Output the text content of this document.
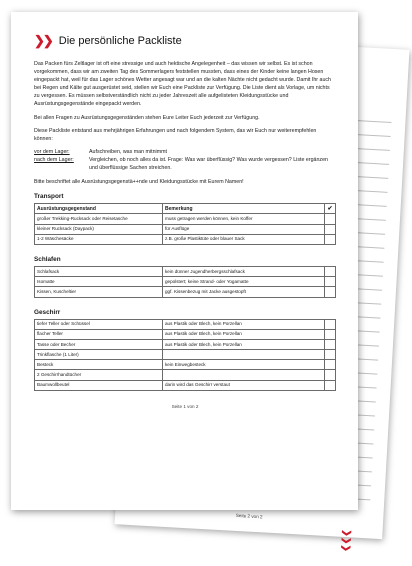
Seite 2 von 2
❯❯❯
❯❯ Die persönliche Packliste

Das Packen fürs Zeltlager ist oft eine stressige und auch hektische Angelegenheit – das wissen wir selbst. Es ist schon vorgekommen, dass wir am zweiten Tag des Sommerlagers feststellen mussten, dass eines der Kinder keine langen Hosen eingepackt hat, weil für das Lager schönes Wetter angesagt war und an die kalten Nächte nicht gedacht wurde. Damit Ihr auch bei Regen und Kälte gut ausgerüstet seid, stellen wir Euch eine Packliste zur Verfügung. Die Liste dient als Vorlage, um nichts zu vergessen. Es müssen selbstverständlich nicht zu jeder Jahreszeit alle aufgelisteten Kleidungsstücke und Ausrüstungsgegenstände eingepackt werden.

Bei allen Fragen zu Ausrüstungsgegenständen stehen Eure Leiter Euch jederzeit zur Verfügung.

Diese Packliste entstand aus mehrjährigen Erfahrungen und nach folgendem System, das wir Euch nur weiterempfehlen können:

vor dem Lager:	Aufschreiben, was man mitnimmt
nach dem Lager:	Vergleichen, ob noch alles da ist. Frage: Was war überflüssig? Was wurde vergessen? Liste ergänzen und überflüssige Sachen streichen.

Bitte beschriftet alle Ausrüstungsgegenstä++nde und Kleidungsstücke mit Eurem Namen!

Transport
Ausrüstungsgegenstand	Bemerkung	✔
großer Trekking-Rucksack oder Reisetasche	muss getragen werden können, kein Koffer	
kleiner Rucksack (Daypack)	für Ausflüge	
1-2 Wäschesäcke	z.B. große Plastiktüte oder blauer Sack	
Schlafen
Schlafsack	kein dünner Jugendherbergsschlafsack	
Isomatte	gepolstert; keine Strand- oder Yogamatte	
Kissen, Kuscheltier	ggf. Kissenbezug mit Jacke ausgestopft	
Geschirr
tiefer Teller oder Schüssel	aus Plastik oder Blech, kein Porzellan	
flacher Teller	aus Plastik oder Blech, kein Porzellan	
Tasse oder Becher	aus Plastik oder Blech, kein Porzellan	
Trinkflasche (1 Liter)		
Besteck	kein Einwegbesteck	
2 Geschirrhandtücher		
Baumwollbeutel	darin wird das Geschirr verstaut	
Seite 1 von 2
